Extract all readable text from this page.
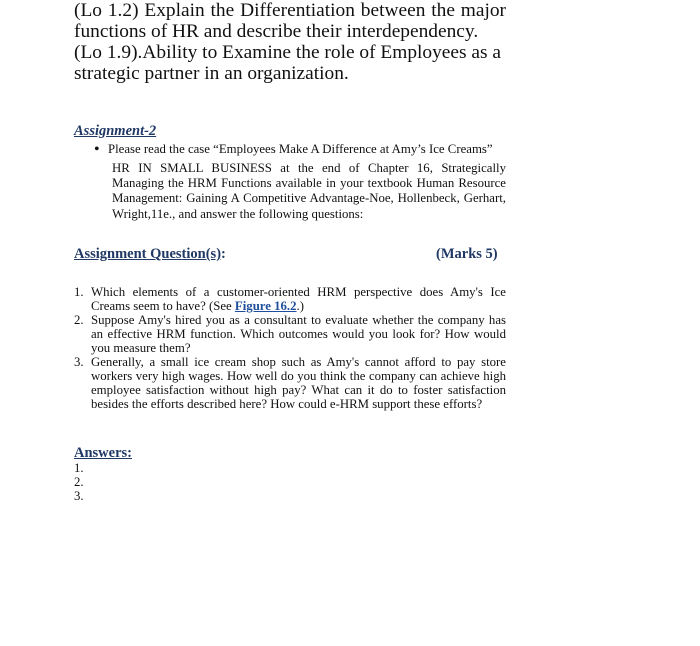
(Lo 1.2) Explain the Differentiation between the major
functions of HR and describe their interdependency.
(Lo 1.9).Ability to Examine the role of Employees as a
strategic partner in an organization.
Assignment-2
• Please read the case “Employees Make A Difference at Amy’s Ice Creams”
HR IN SMALL BUSINESS at the end of Chapter 16, Strategically Managing the HRM Functions available in your textbook Human Resource Management: Gaining A Competitive Advantage-Noe, Hollenbeck, Gerhart, Wright,11e., and answer the following questions:
Assignment Question(s):	(Marks 5)
1. Which elements of a customer-oriented HRM perspective does Amy's Ice Creams seem to have? (See Figure 16.2.)
2. Suppose Amy's hired you as a consultant to evaluate whether the company has an effective HRM function. Which outcomes would you look for? How would you measure them?
3. Generally, a small ice cream shop such as Amy's cannot afford to pay store workers very high wages. How well do you think the company can achieve high employee satisfaction without high pay? What can it do to foster satisfaction besides the efforts described here? How could e-HRM support these efforts?
Answers:
1.
2.
3.
